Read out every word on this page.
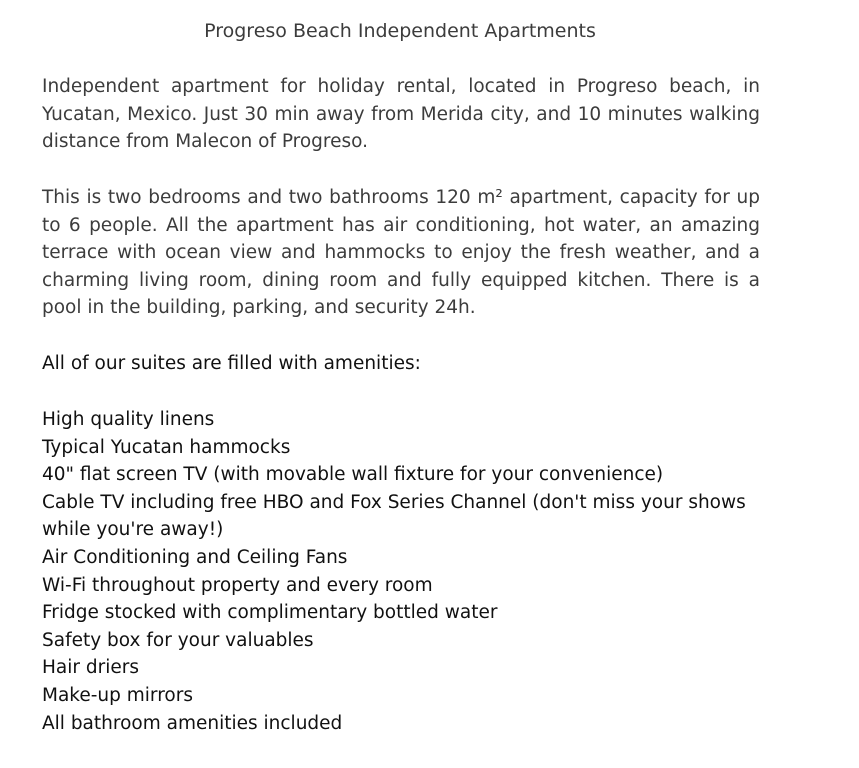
Progreso Beach Independent Apartments

Independent apartment for holiday rental, located in Progreso beach, in Yucatan, Mexico. Just 30 min away from Merida city, and 10 minutes walking distance from Malecon of Progreso.

This is two bedrooms and two bathrooms 120 m² apartment, capacity for up to 6 people. All the apartment has air conditioning, hot water, an amazing terrace with ocean view and hammocks to enjoy the fresh weather, and a charming living room, dining room and fully equipped kitchen. There is a pool in the building, parking, and security 24h.

All of our suites are filled with amenities:

High quality linens
Typical Yucatan hammocks
40" flat screen TV (with movable wall fixture for your convenience)
Cable TV including free HBO and Fox Series Channel (don't miss your shows while you're away!)
Air Conditioning and Ceiling Fans
Wi-Fi throughout property and every room
Fridge stocked with complimentary bottled water
Safety box for your valuables
Hair driers
Make-up mirrors
All bathroom amenities included
